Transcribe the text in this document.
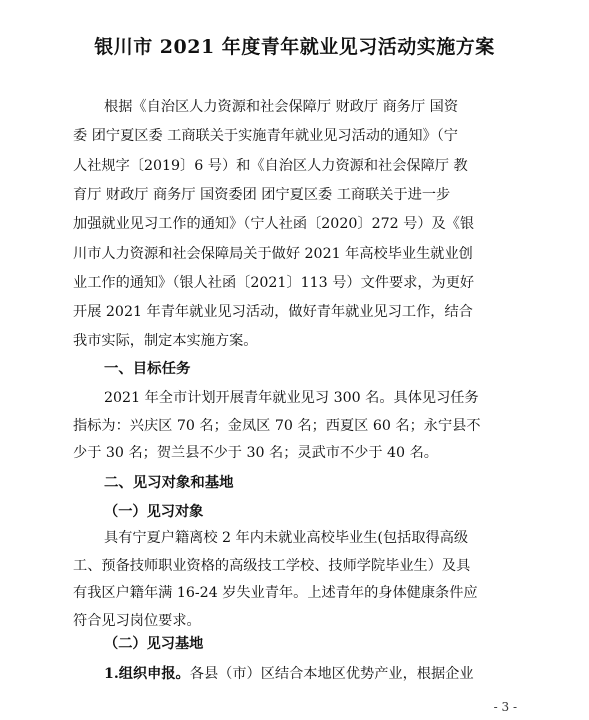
银川市 2021 年度青年就业见习活动实施方案

根据《自治区人力资源和社会保障厅 财政厅 商务厅 国资

委 团宁夏区委 工商联关于实施青年就业见习活动的通知》（宁

人社规字〔2019〕6 号）和《自治区人力资源和社会保障厅 教

育厅 财政厅 商务厅 国资委团 团宁夏区委 工商联关于进一步

加强就业见习工作的通知》（宁人社函〔2020〕272 号）及《银

川市人力资源和社会保障局关于做好 2021 年高校毕业生就业创

业工作的通知》（银人社函〔2021〕113 号）文件要求，为更好

开展 2021 年青年就业见习活动，做好青年就业见习工作，结合

我市实际，制定本实施方案。

一、目标任务

2021 年全市计划开展青年就业见习 300 名。具体见习任务

指标为：兴庆区 70 名；金凤区 70 名；西夏区 60 名；永宁县不

少于 30 名；贺兰县不少于 30 名；灵武市不少于 40 名。

二、见习对象和基地

（一）见习对象

具有宁夏户籍离校 2 年内未就业高校毕业生(包括取得高级

工、预备技师职业资格的高级技工学校、技师学院毕业生）及具

有我区户籍年满 16-24 岁失业青年。上述青年的身体健康条件应

符合见习岗位要求。

- 3 -

（二）见习基地

1.组织申报。各县（市）区结合本地区优势产业，根据企业
